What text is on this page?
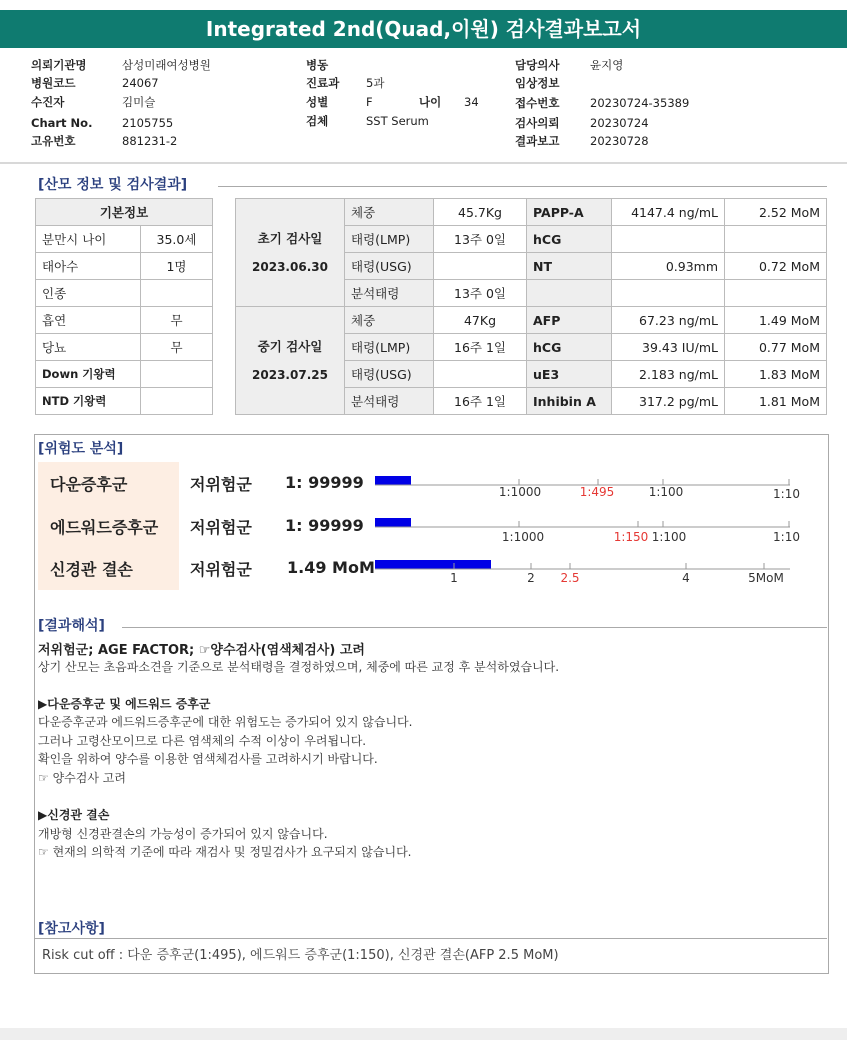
Integrated 2nd(Quad,이원) 검사결과보고서
의뢰기관명	삼성미래여성병원
병원코드	24067
수진자	김미슬
Chart No.	2105755
고유번호	881231-2
병동
진료과 5과
성별	F	나이 34
검체	SST Serum
담당의사	윤지영
임상정보
접수번호	20230724-35389
검사의뢰	20230724
결과보고	20230728
[산모 정보 및 검사결과]
기본정보	
분만시 나이	35.0세
태아수	1명
인종	
흡연	무
당뇨	무
Down 기왕력	
NTD 기왕력	
초기 검사일
2023.06.30	체중	45.7Kg	PAPP-A	4147.4 ng/mL	2.52 MoM
	태령(LMP)	13주 0일	hCG		
	태령(USG)		NT	0.93mm	0.72 MoM
	분석태령	13주 0일			

중기 검사일
2023.07.25	체중	47Kg	AFP	67.23 ng/mL	1.49 MoM
	태령(LMP)	16주 1일	hCG	39.43 IU/mL	0.77 MoM
	태령(USG)		uE3	2.183 ng/mL	1.83 MoM
	분석태령	16주 1일	Inhibin A	317.2 pg/mL	1.81 MoM
[위험도 분석]
다운증후군	저위험군 1: 99999
에드워드증후군 저위험군 1: 99999
신경관 결손	저위험군 1.49 MoM
1:1000	1:495	1:100	1:10
1:1000	1:150 1:100	1:10
1	2 2.5	4	5MoM
[결과해석]
저위험군; AGE FACTOR; ☞양수검사(염색체검사) 고려
상기 산모는 초음파소견을 기준으로 분석태령을 결정하였으며, 체중에 따른 교정 후 분석하였습니다.
▶다운증후군 및 에드워드 증후군
다운증후군과 에드워드증후군에 대한 위험도는 증가되어 있지 않습니다.
그러나 고령산모이므로 다른 염색체의 수적 이상이 우려됩니다.
확인을 위하여 양수를 이용한 염색체검사를 고려하시기 바랍니다.
☞ 양수검사 고려
▶신경관 결손
개방형 신경관결손의 가능성이 증가되어 있지 않습니다.
☞ 현재의 의학적 기준에 따라 재검사 및 정밀검사가 요구되지 않습니다.
[참고사항]
Risk cut off : 다운 증후군(1:495), 에드워드 증후군(1:150), 신경관 결손(AFP 2.5 MoM)
